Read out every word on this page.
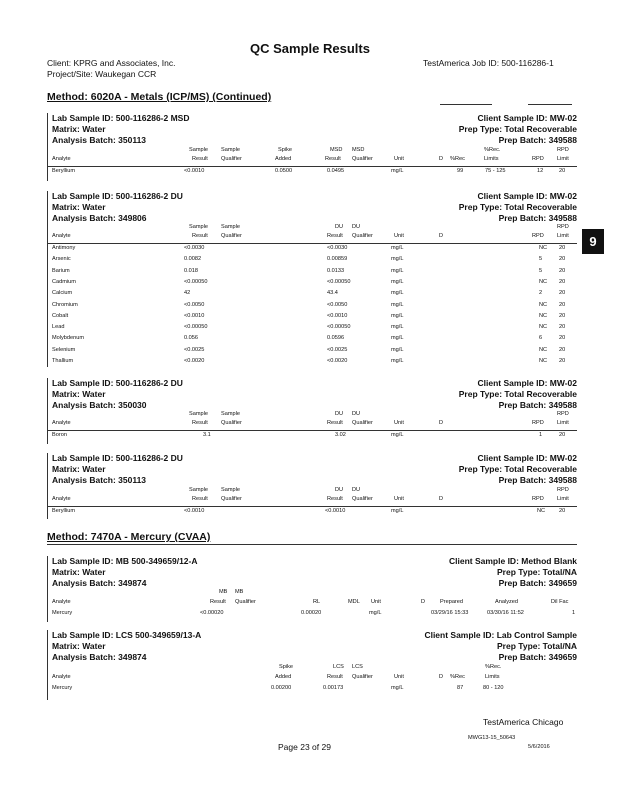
QC Sample Results
Client: KPRG and Associates, Inc.
Project/Site: Waukegan CCR
TestAmerica Job ID: 500-116286-1
9
Method: 6020A - Metals (ICP/MS) (Continued)
Lab Sample ID: 500-116286-2 MSD
Matrix: Water
Analysis Batch: 350113
Client Sample ID: MW-02
Prep Type: Total Recoverable
Prep Batch: 349588
Sample Sample	Spike	MSD MSD	%Rec.	RPD
Analyte	Result Qualifier	Added	Result Qualifier	Unit	D %Rec	Limits	RPD Limit
Beryllium	<0.0010	0.0500	0.0495	mg/L	99	75 - 125	12	20
Lab Sample ID: 500-116286-2 DU
Matrix: Water
Analysis Batch: 349806
Client Sample ID: MW-02
Prep Type: Total Recoverable
Prep Batch: 349588
Sample Sample	DU DU	RPD
Analyte	Result Qualifier	Result Qualifier	Unit	D	RPD Limit
Antimony	<0.0030	<0.0030	mg/L	NC 20
Arsenic	0.0082	0.00859	mg/L	5	20
Barium	0.018	0.0133	mg/L	5	20
Cadmium	<0.00050	<0.00050	mg/L	NC 20
Calcium	42	43.4	mg/L	2	20
Chromium	<0.0050	<0.0050	mg/L	NC 20
Cobalt	<0.0010	<0.0010	mg/L	NC 20
Lead	<0.00050	<0.00050	mg/L	NC 20
Molybdenum	0.056	0.0596	mg/L	6	20
Selenium	<0.0025	<0.0025	mg/L	NC 20
Thallium	<0.0020	<0.0020	mg/L	NC 20
Lab Sample ID: 500-116286-2 DU
Matrix: Water
Analysis Batch: 350030
Client Sample ID: MW-02
Prep Type: Total Recoverable
Prep Batch: 349588
Sample Sample	DU DU	RPD
Analyte	Result Qualifier	Result Qualifier	Unit	D	RPD Limit
Boron	3.1	3.02	mg/L	1	20
Lab Sample ID: 500-116286-2 DU
Matrix: Water
Analysis Batch: 350113
Client Sample ID: MW-02
Prep Type: Total Recoverable
Prep Batch: 349588
Sample Sample	DU DU	RPD
Analyte	Result Qualifier	Result Qualifier	Unit	D	RPD Limit
Beryllium	<0.0010	<0.0010	mg/L	NC 20
Method: 7470A - Mercury (CVAA)
Lab Sample ID: MB 500-349659/12-A
Matrix: Water
Analysis Batch: 349874
Client Sample ID: Method Blank
Prep Type: Total/NA
Prep Batch: 349659
MB MB
Analyte	Result Qualifier	RL	MDL Unit	D	Prepared	Analyzed	Dil Fac
Mercury	<0.00020	0.00020	mg/L	03/29/16 15:33	03/30/16 11:52	1
Lab Sample ID: LCS 500-349659/13-A
Matrix: Water
Analysis Batch: 349874
Client Sample ID: Lab Control Sample
Prep Type: Total/NA
Prep Batch: 349659
Spike	LCS LCS	%Rec.
Analyte	Added	Result Qualifier	Unit	D %Rec	Limits
Mercury	0.00200	0.00173	mg/L	87	80 - 120
TestAmerica Chicago
Page 23 of 29
MWG13-15_50643
5/6/2016
